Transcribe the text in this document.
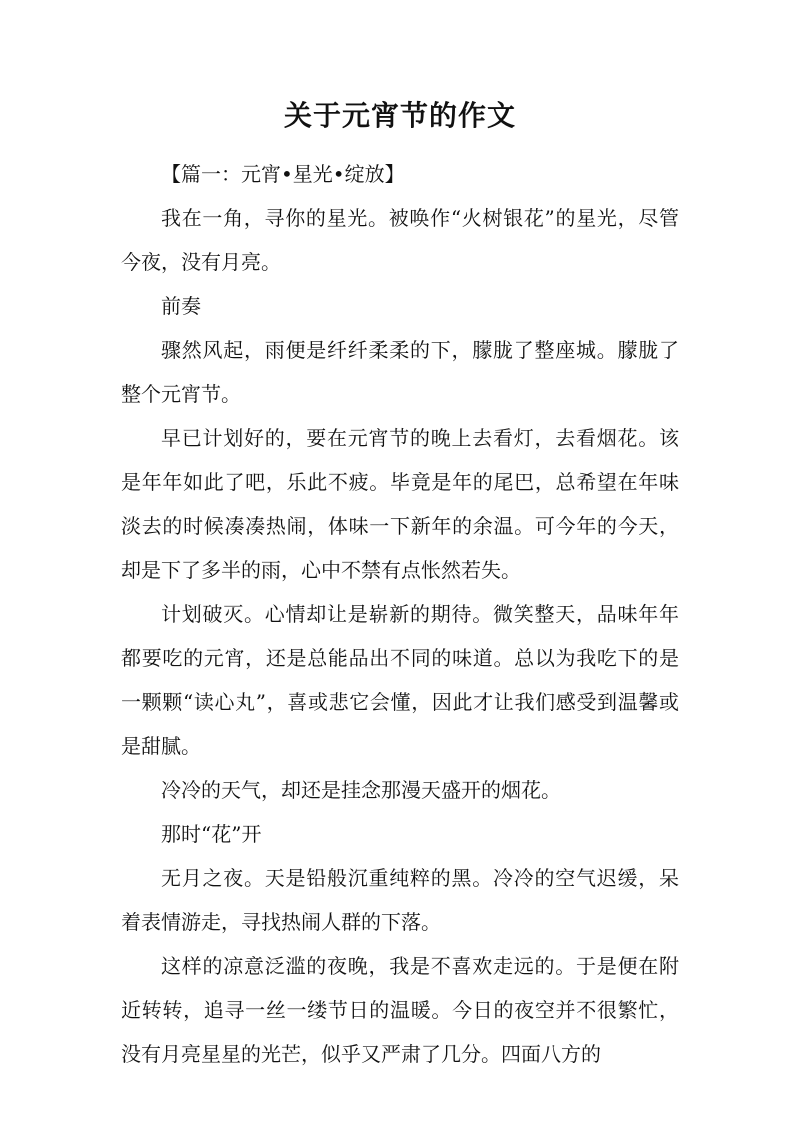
关于元宵节的作文

【篇一：元宵•星光•绽放】

我在一角，寻你的星光。被唤作“火树银花”的星光，尽管今夜，没有月亮。

前奏

骤然风起，雨便是纤纤柔柔的下，朦胧了整座城。朦胧了整个元宵节。

早已计划好的，要在元宵节的晚上去看灯，去看烟花。该是年年如此了吧，乐此不疲。毕竟是年的尾巴，总希望在年味淡去的时候凑凑热闹，体味一下新年的余温。可今年的今天，却是下了多半的雨，心中不禁有点怅然若失。

计划破灭。心情却让是崭新的期待。微笑整天，品味年年都要吃的元宵，还是总能品出不同的味道。总以为我吃下的是一颗颗“读心丸”，喜或悲它会懂，因此才让我们感受到温馨或是甜腻。

冷冷的天气，却还是挂念那漫天盛开的烟花。

那时“花”开

无月之夜。天是铅般沉重纯粹的黑。冷冷的空气迟缓，呆着表情游走，寻找热闹人群的下落。

这样的凉意泛滥的夜晚，我是不喜欢走远的。于是便在附近转转，追寻一丝一缕节日的温暖。今日的夜空并不很繁忙，没有月亮星星的光芒，似乎又严肃了几分。四面八方的
